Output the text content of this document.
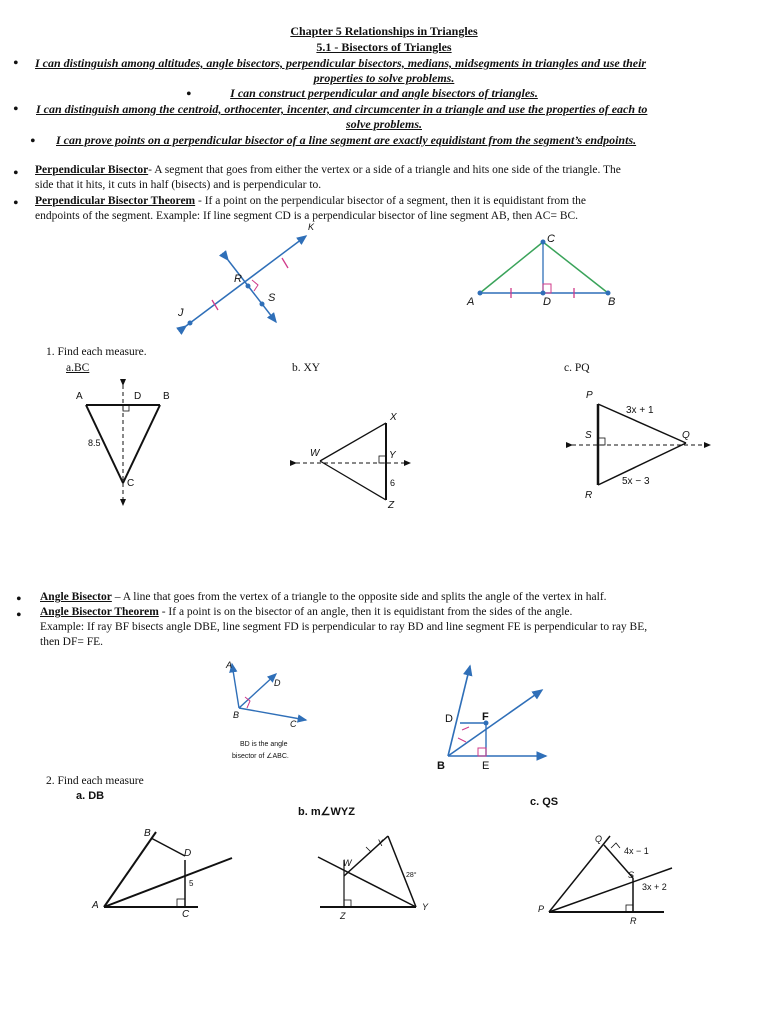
Chapter 5 Relationships in Triangles
5.1 - Bisectors of Triangles
• I can distinguish among altitudes, angle bisectors, perpendicular bisectors, medians, midsegments in triangles and use their
properties to solve problems.
•	I can construct perpendicular and angle bisectors of triangles.
• I can distinguish among the centroid, orthocenter, incenter, and circumcenter in a triangle and use the properties of each to
solve problems.
• I can prove points on a perpendicular bisector of a line segment are exactly equidistant from the segment’s endpoints.
• Perpendicular Bisector- A segment that goes from either the vertex or a side of a triangle and hits one side of the triangle. The
side that it hits, it cuts in half (bisects) and is perpendicular to.
• Perpendicular Bisector Theorem - If a point on the perpendicular bisector of a segment, then it is equidistant from the
endpoints of the segment. Example: If line segment CD is a perpendicular bisector of line segment AB, then AC= BC.
J
R
S
K
C
A	D	B
1. Find each measure.
a.BC	b. XY	c. PQ
A	D B
8.5
C
X
W	Y
6
Z
P
3x + 1
S	Q
5x − 3
R
• Angle Bisector – A line that goes from the vertex of a triangle to the opposite side and splits the angle of the vertex in half.
• Angle Bisector Theorem - If a point is on the bisector of an angle, then it is equidistant from the sides of the angle.
Example: If ray BF bisects angle DBE, line segment FD is perpendicular to ray BD and line segment FE is perpendicular to ray BE,
then DF= FE.
A
D
B
C
BD is the angle
bisector of ∠ABC.
D	F
B	E
2. Find each measure
a. DB
b. m∠WYZ
c. QS
B
D
5
A
C
X
W
28°
Z
Y
Q
4x − 1
S
3x + 2
P
R
